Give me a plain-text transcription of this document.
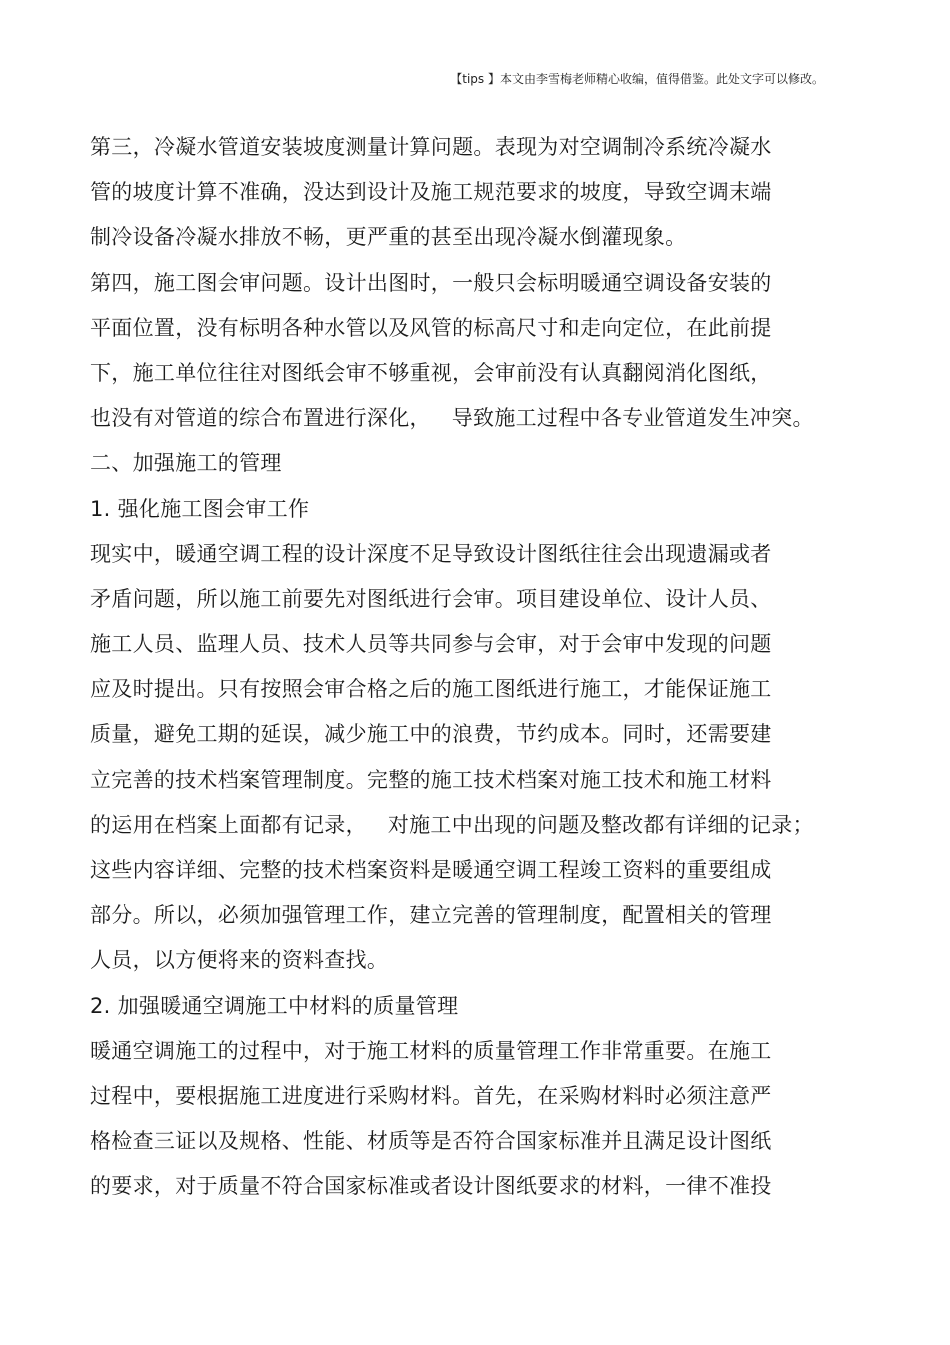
【tips 】本文由李雪梅老师精心收编，值得借鉴。此处文字可以修改。
第三，冷凝水管道安装坡度测量计算问题。表现为对空调制冷系统冷凝水
管的坡度计算不准确，没达到设计及施工规范要求的坡度，导致空调末端
制冷设备冷凝水排放不畅，更严重的甚至出现冷凝水倒灌现象。
第四，施工图会审问题。设计出图时，一般只会标明暖通空调设备安装的
平面位置，没有标明各种水管以及风管的标高尺寸和走向定位，在此前提
下，施工单位往往对图纸会审不够重视，会审前没有认真翻阅消化图纸，
也没有对管道的综合布置进行深化，   导致施工过程中各专业管道发生冲突。
二、加强施工的管理
1. 强化施工图会审工作
现实中，暖通空调工程的设计深度不足导致设计图纸往往会出现遗漏或者
矛盾问题，所以施工前要先对图纸进行会审。项目建设单位、设计人员、
施工人员、监理人员、技术人员等共同参与会审，对于会审中发现的问题
应及时提出。只有按照会审合格之后的施工图纸进行施工，才能保证施工
质量，避免工期的延误，减少施工中的浪费，节约成本。同时，还需要建
立完善的技术档案管理制度。完整的施工技术档案对施工技术和施工材料
的运用在档案上面都有记录，   对施工中出现的问题及整改都有详细的记录；
这些内容详细、完整的技术档案资料是暖通空调工程竣工资料的重要组成
部分。所以，必须加强管理工作，建立完善的管理制度，配置相关的管理
人员，以方便将来的资料查找。
2. 加强暖通空调施工中材料的质量管理
暖通空调施工的过程中，对于施工材料的质量管理工作非常重要。在施工
过程中，要根据施工进度进行采购材料。首先，在采购材料时必须注意严
格检查三证以及规格、性能、材质等是否符合国家标准并且满足设计图纸
的要求，对于质量不符合国家标准或者设计图纸要求的材料，一律不准投
